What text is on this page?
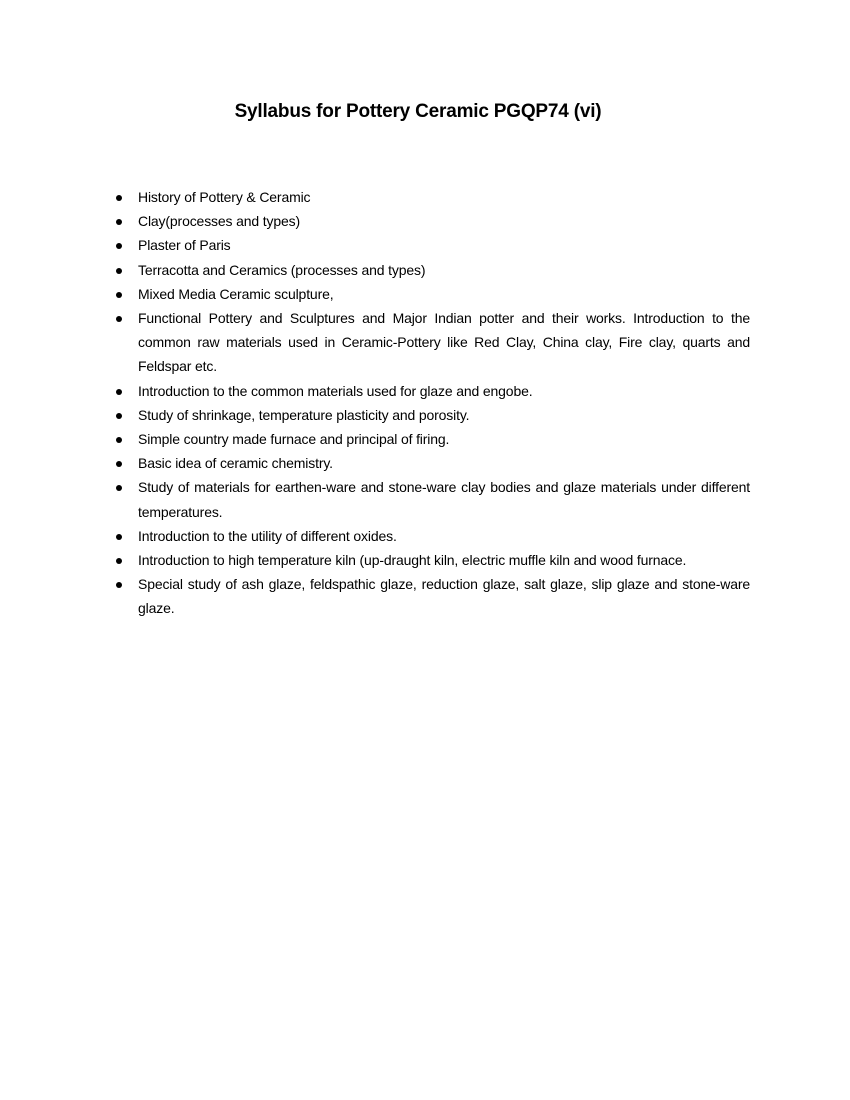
Syllabus for Pottery Ceramic PGQP74 (vi)
History of Pottery & Ceramic
Clay(processes and types)
Plaster of Paris
Terracotta and Ceramics (processes and types)
Mixed Media Ceramic sculpture,
Functional Pottery and Sculptures and Major Indian potter and their works. Introduction to the common raw materials used in Ceramic-Pottery like Red Clay, China clay, Fire clay, quarts and Feldspar etc.
Introduction to the common materials used for glaze and engobe.
Study of shrinkage, temperature plasticity and porosity.
Simple country made furnace and principal of firing.
Basic idea of ceramic chemistry.
Study of materials for earthen-ware and stone-ware clay bodies and glaze materials under different temperatures.
Introduction to the utility of different oxides.
Introduction to high temperature kiln (up-draught kiln, electric muffle kiln and wood furnace.
Special study of ash glaze, feldspathic glaze, reduction glaze, salt glaze, slip glaze and stone-ware glaze.
